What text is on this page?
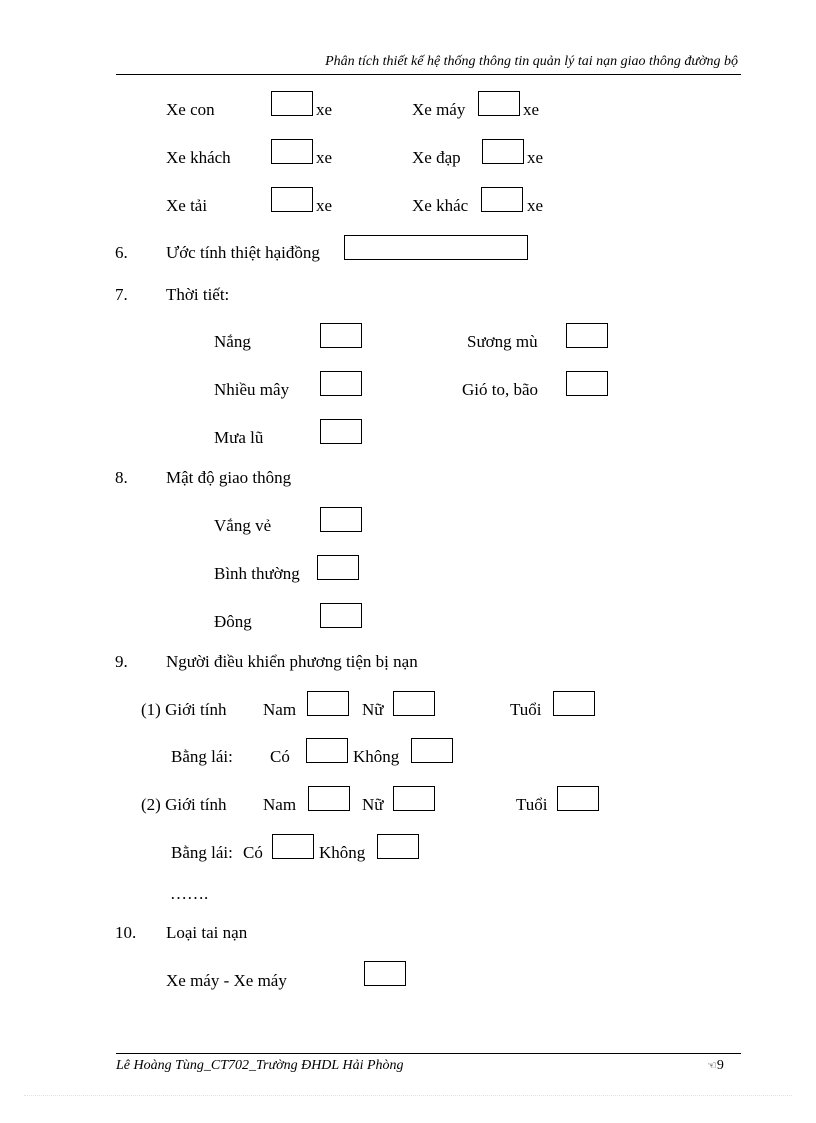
Phân tích thiết kế hệ thống thông tin quản lý tai nạn giao thông đường bộ
Xe con	xe	Xe máy	xe
Xe khách	xe	Xe đạp	xe
Xe tải	xe	Xe khác	xe
6. Ước tính thiệt hạiđồng
7. Thời tiết:
Nắng	Sương mù
Nhiều mây	Gió to, bão
Mưa lũ
8. Mật độ giao thông
Vắng vẻ
Bình thường
Đông
9. Người điều khiển phương tiện bị nạn
(1) Giới tính Nam	Nữ	Tuổi
Bằng lái: Có	Không
(2) Giới tính Nam	Nữ	Tuổi
Bằng lái: Có	Không
…….
10. Loại tai nạn
Xe máy - Xe máy
Lê Hoàng Tùng_CT702_Trường ĐHDL Hải Phòng	☜9
